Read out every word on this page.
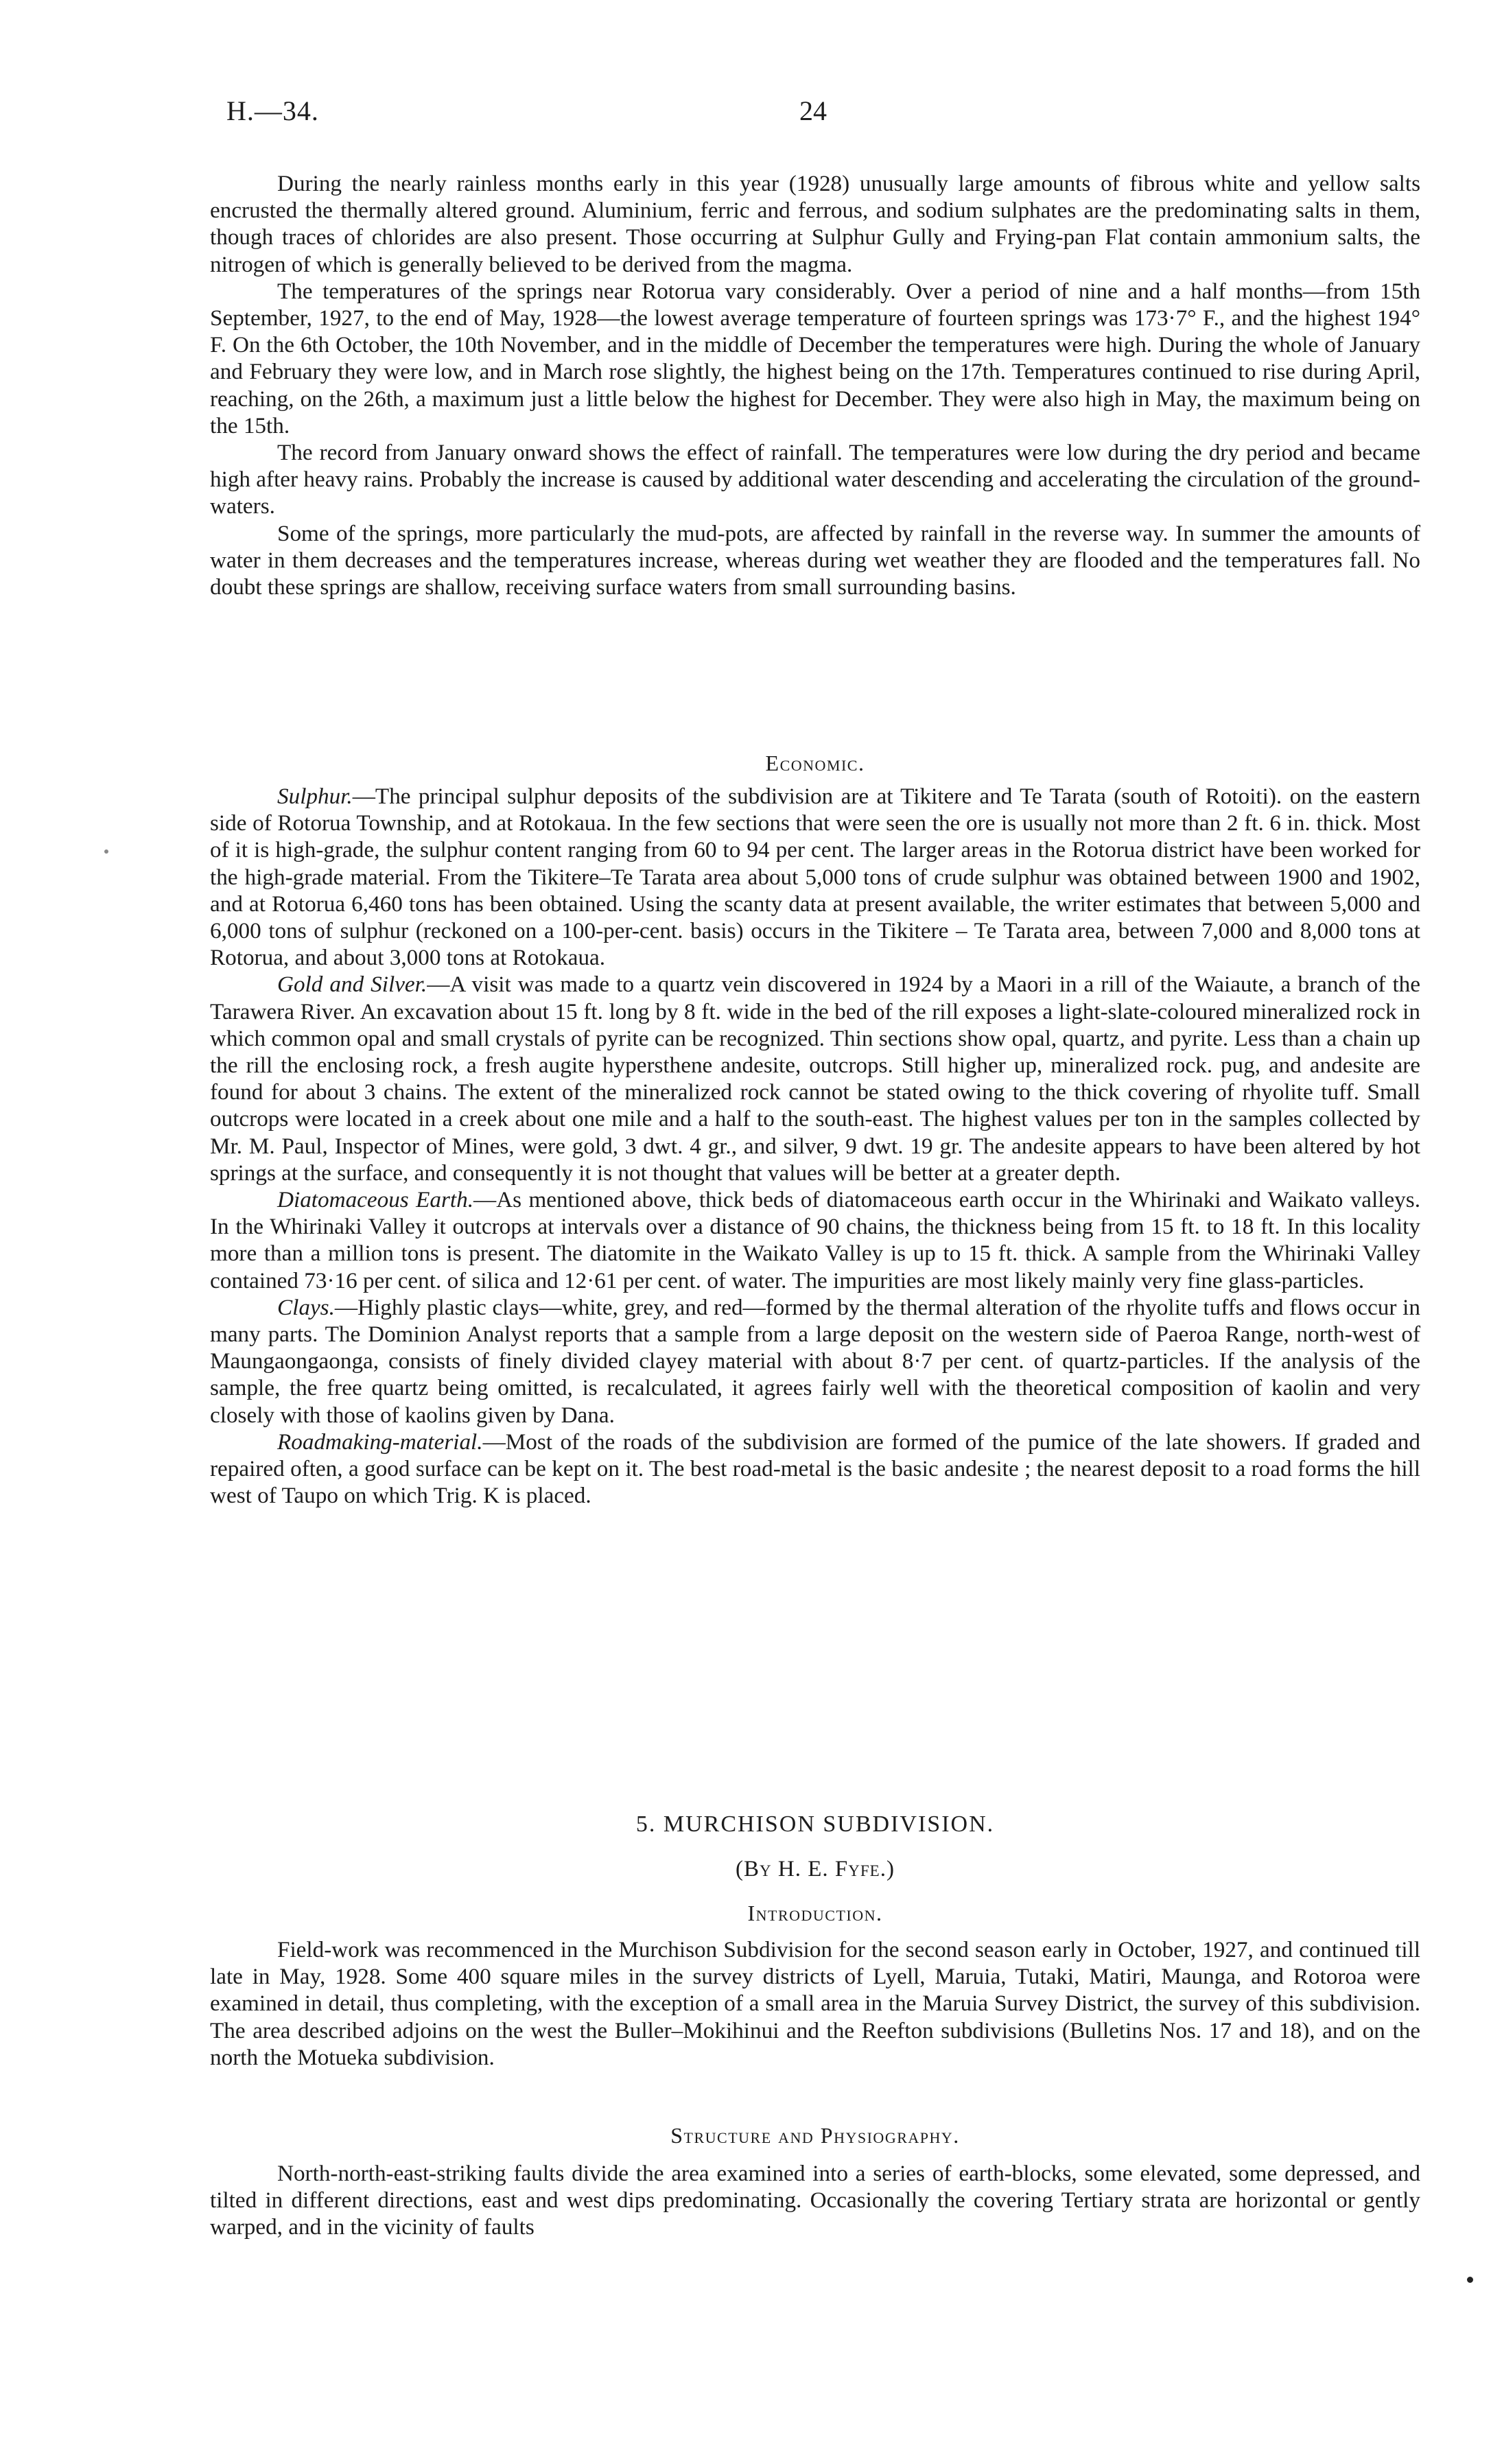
H.—34.	24

During the nearly rainless months early in this year (1928) unusually large amounts of fibrous white and yellow salts encrusted the thermally altered ground. Aluminium, ferric and ferrous, and sodium sulphates are the predominating salts in them, though traces of chlorides are also present. Those occurring at Sulphur Gully and Frying-pan Flat contain ammonium salts, the nitrogen of which is generally believed to be derived from the magma.

The temperatures of the springs near Rotorua vary considerably. Over a period of nine and a half months—from 15th September, 1927, to the end of May, 1928—the lowest average temperature of fourteen springs was 173·7° F., and the highest 194° F. On the 6th October, the 10th November, and in the middle of December the temperatures were high. During the whole of January and February they were low, and in March rose slightly, the highest being on the 17th. Temperatures continued to rise during April, reaching, on the 26th, a maximum just a little below the highest for December. They were also high in May, the maximum being on the 15th.

The record from January onward shows the effect of rainfall. The temperatures were low during the dry period and became high after heavy rains. Probably the increase is caused by additional water descending and accelerating the circulation of the ground-waters.

Some of the springs, more particularly the mud-pots, are affected by rainfall in the reverse way. In summer the amounts of water in them decreases and the temperatures increase, whereas during wet weather they are flooded and the temperatures fall. No doubt these springs are shallow, receiving surface waters from small surrounding basins.

Economic.

Sulphur.—The principal sulphur deposits of the subdivision are at Tikitere and Te Tarata (south of Rotoiti). on the eastern side of Rotorua Township, and at Rotokaua. In the few sections that were seen the ore is usually not more than 2 ft. 6 in. thick. Most of it is high-grade, the sulphur content ranging from 60 to 94 per cent. The larger areas in the Rotorua district have been worked for the high-grade material. From the Tikitere–Te Tarata area about 5,000 tons of crude sulphur was obtained between 1900 and 1902, and at Rotorua 6,460 tons has been obtained. Using the scanty data at present available, the writer estimates that between 5,000 and 6,000 tons of sulphur (reckoned on a 100-per-cent. basis) occurs in the Tikitere – Te Tarata area, between 7,000 and 8,000 tons at Rotorua, and about 3,000 tons at Rotokaua.

Gold and Silver.—A visit was made to a quartz vein discovered in 1924 by a Maori in a rill of the Waiaute, a branch of the Tarawera River. An excavation about 15 ft. long by 8 ft. wide in the bed of the rill exposes a light-slate-coloured mineralized rock in which common opal and small crystals of pyrite can be recognized. Thin sections show opal, quartz, and pyrite. Less than a chain up the rill the enclosing rock, a fresh augite hypersthene andesite, outcrops. Still higher up, mineralized rock. pug, and andesite are found for about 3 chains. The extent of the mineralized rock cannot be stated owing to the thick covering of rhyolite tuff. Small outcrops were located in a creek about one mile and a half to the south-east. The highest values per ton in the samples collected by Mr. M. Paul, Inspector of Mines, were gold, 3 dwt. 4 gr., and silver, 9 dwt. 19 gr. The andesite appears to have been altered by hot springs at the surface, and consequently it is not thought that values will be better at a greater depth.

Diatomaceous Earth.—As mentioned above, thick beds of diatomaceous earth occur in the Whirinaki and Waikato valleys. In the Whirinaki Valley it outcrops at intervals over a distance of 90 chains, the thickness being from 15 ft. to 18 ft. In this locality more than a million tons is present. The diatomite in the Waikato Valley is up to 15 ft. thick. A sample from the Whirinaki Valley contained 73·16 per cent. of silica and 12·61 per cent. of water. The impurities are most likely mainly very fine glass-particles.

Clays.—Highly plastic clays—white, grey, and red—formed by the thermal alteration of the rhyolite tuffs and flows occur in many parts. The Dominion Analyst reports that a sample from a large deposit on the western side of Paeroa Range, north-west of Maungaongaonga, consists of finely divided clayey material with about 8·7 per cent. of quartz-particles. If the analysis of the sample, the free quartz being omitted, is recalculated, it agrees fairly well with the theoretical composition of kaolin and very closely with those of kaolins given by Dana.

Roadmaking-material.—Most of the roads of the subdivision are formed of the pumice of the late showers. If graded and repaired often, a good surface can be kept on it. The best road-metal is the basic andesite ; the nearest deposit to a road forms the hill west of Taupo on which Trig. K is placed.

5. MURCHISON SUBDIVISION.

(By H. E. Fyfe.)

Introduction.

Field-work was recommenced in the Murchison Subdivision for the second season early in October, 1927, and continued till late in May, 1928. Some 400 square miles in the survey districts of Lyell, Maruia, Tutaki, Matiri, Maunga, and Rotoroa were examined in detail, thus completing, with the exception of a small area in the Maruia Survey District, the survey of this subdivision. The area described adjoins on the west the Buller–Mokihinui and the Reefton subdivisions (Bulletins Nos. 17 and 18), and on the north the Motueka subdivision.

Structure and Physiography.

North-north-east-striking faults divide the area examined into a series of earth-blocks, some elevated, some depressed, and tilted in different directions, east and west dips predominating. Occasionally the covering Tertiary strata are horizontal or gently warped, and in the vicinity of faults
